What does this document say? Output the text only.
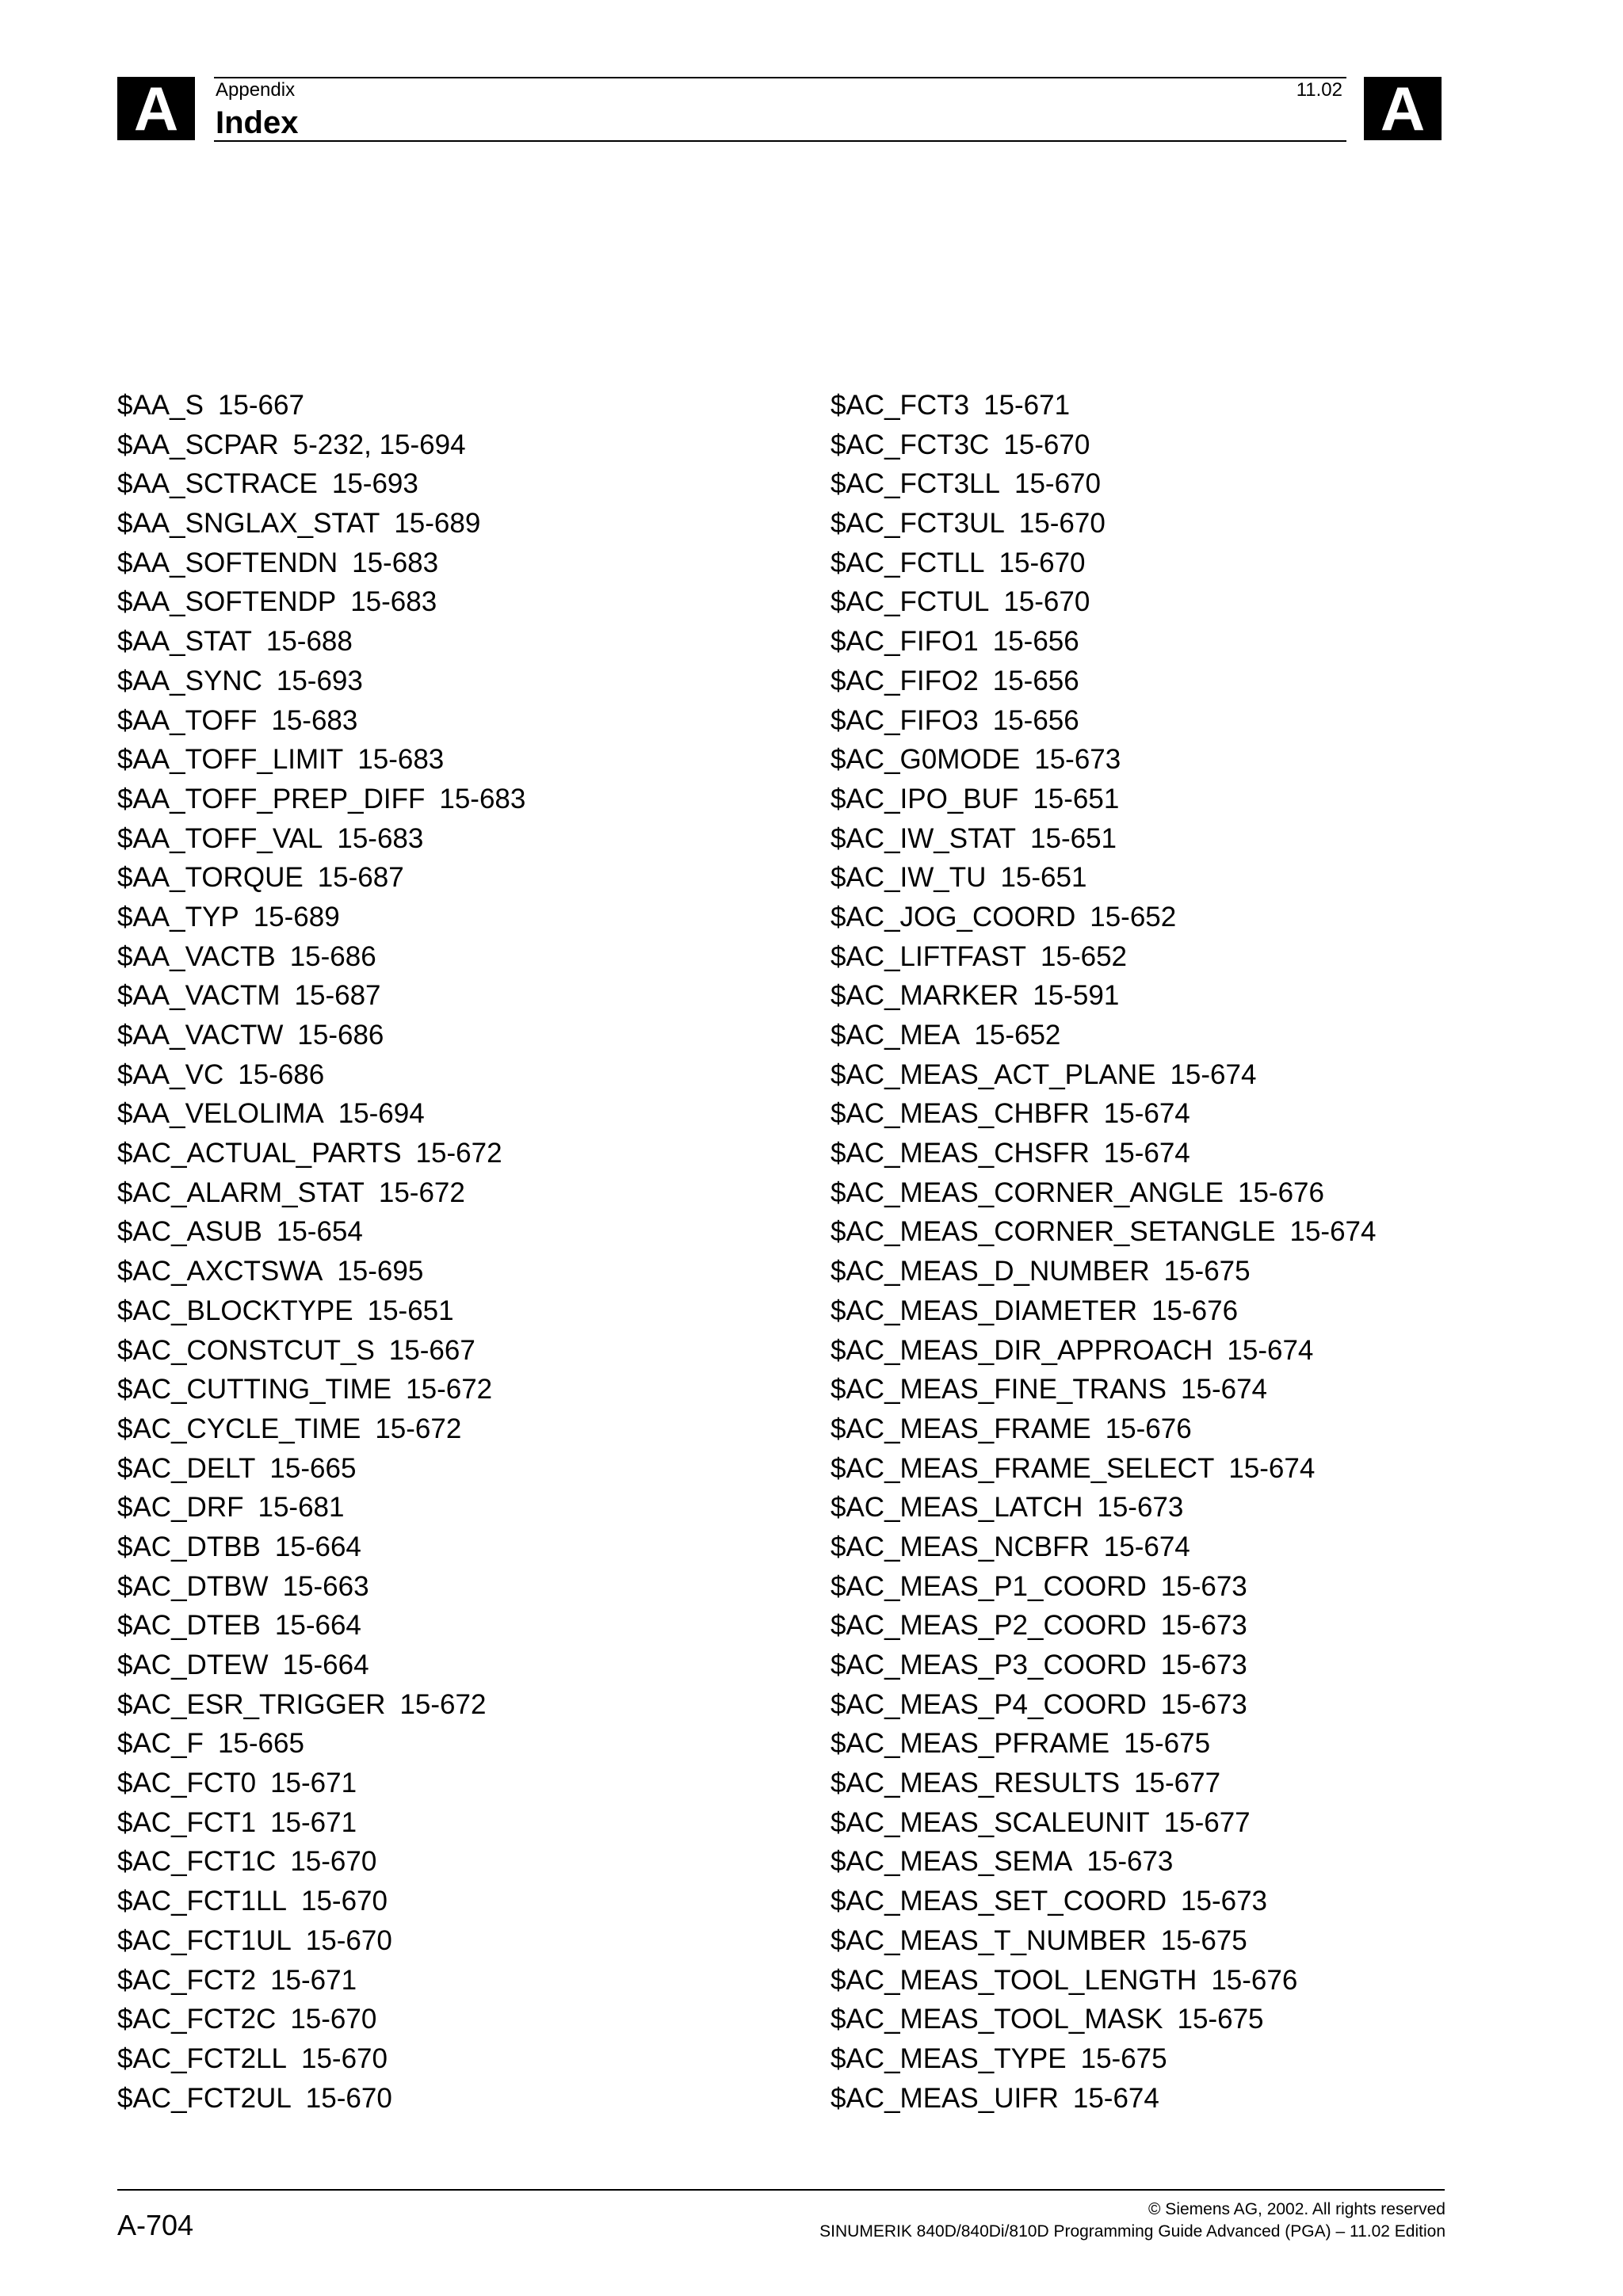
A	Appendix
Index
11.02 A
$AA_S 15-667
$AA_SCPAR 5-232, 15-694
$AA_SCTRACE 15-693
$AA_SNGLAX_STAT 15-689
$AA_SOFTENDN 15-683
$AA_SOFTENDP 15-683
$AA_STAT 15-688
$AA_SYNC 15-693
$AA_TOFF 15-683
$AA_TOFF_LIMIT 15-683
$AA_TOFF_PREP_DIFF 15-683
$AA_TOFF_VAL 15-683
$AA_TORQUE 15-687
$AA_TYP 15-689
$AA_VACTB 15-686
$AA_VACTM 15-687
$AA_VACTW 15-686
$AA_VC 15-686
$AA_VELOLIMA 15-694
$AC_ACTUAL_PARTS 15-672
$AC_ALARM_STAT 15-672
$AC_ASUB 15-654
$AC_AXCTSWA 15-695
$AC_BLOCKTYPE 15-651
$AC_CONSTCUT_S 15-667
$AC_CUTTING_TIME 15-672
$AC_CYCLE_TIME 15-672
$AC_DELT 15-665
$AC_DRF 15-681
$AC_DTBB 15-664
$AC_DTBW 15-663
$AC_DTEB 15-664
$AC_DTEW 15-664
$AC_ESR_TRIGGER 15-672
$AC_F 15-665
$AC_FCT0 15-671
$AC_FCT1 15-671
$AC_FCT1C 15-670
$AC_FCT1LL 15-670
$AC_FCT1UL 15-670
$AC_FCT2 15-671
$AC_FCT2C 15-670
$AC_FCT2LL 15-670
$AC_FCT2UL 15-670
$AC_FCT3 15-671
$AC_FCT3C 15-670
$AC_FCT3LL 15-670
$AC_FCT3UL 15-670
$AC_FCTLL 15-670
$AC_FCTUL 15-670
$AC_FIFO1 15-656
$AC_FIFO2 15-656
$AC_FIFO3 15-656
$AC_G0MODE 15-673
$AC_IPO_BUF 15-651
$AC_IW_STAT 15-651
$AC_IW_TU 15-651
$AC_JOG_COORD 15-652
$AC_LIFTFAST 15-652
$AC_MARKER 15-591
$AC_MEA 15-652
$AC_MEAS_ACT_PLANE 15-674
$AC_MEAS_CHBFR 15-674
$AC_MEAS_CHSFR 15-674
$AC_MEAS_CORNER_ANGLE 15-676
$AC_MEAS_CORNER_SETANGLE 15-674
$AC_MEAS_D_NUMBER 15-675
$AC_MEAS_DIAMETER 15-676
$AC_MEAS_DIR_APPROACH 15-674
$AC_MEAS_FINE_TRANS 15-674
$AC_MEAS_FRAME 15-676
$AC_MEAS_FRAME_SELECT 15-674
$AC_MEAS_LATCH 15-673
$AC_MEAS_NCBFR 15-674
$AC_MEAS_P1_COORD 15-673
$AC_MEAS_P2_COORD 15-673
$AC_MEAS_P3_COORD 15-673
$AC_MEAS_P4_COORD 15-673
$AC_MEAS_PFRAME 15-675
$AC_MEAS_RESULTS 15-677
$AC_MEAS_SCALEUNIT 15-677
$AC_MEAS_SEMA 15-673
$AC_MEAS_SET_COORD 15-673
$AC_MEAS_T_NUMBER 15-675
$AC_MEAS_TOOL_LENGTH 15-676
$AC_MEAS_TOOL_MASK 15-675
$AC_MEAS_TYPE 15-675
$AC_MEAS_UIFR 15-674
A-704	© Siemens AG, 2002. All rights reserved
SINUMERIK 840D/840Di/810D Programming Guide Advanced (PGA) – 11.02 Edition
